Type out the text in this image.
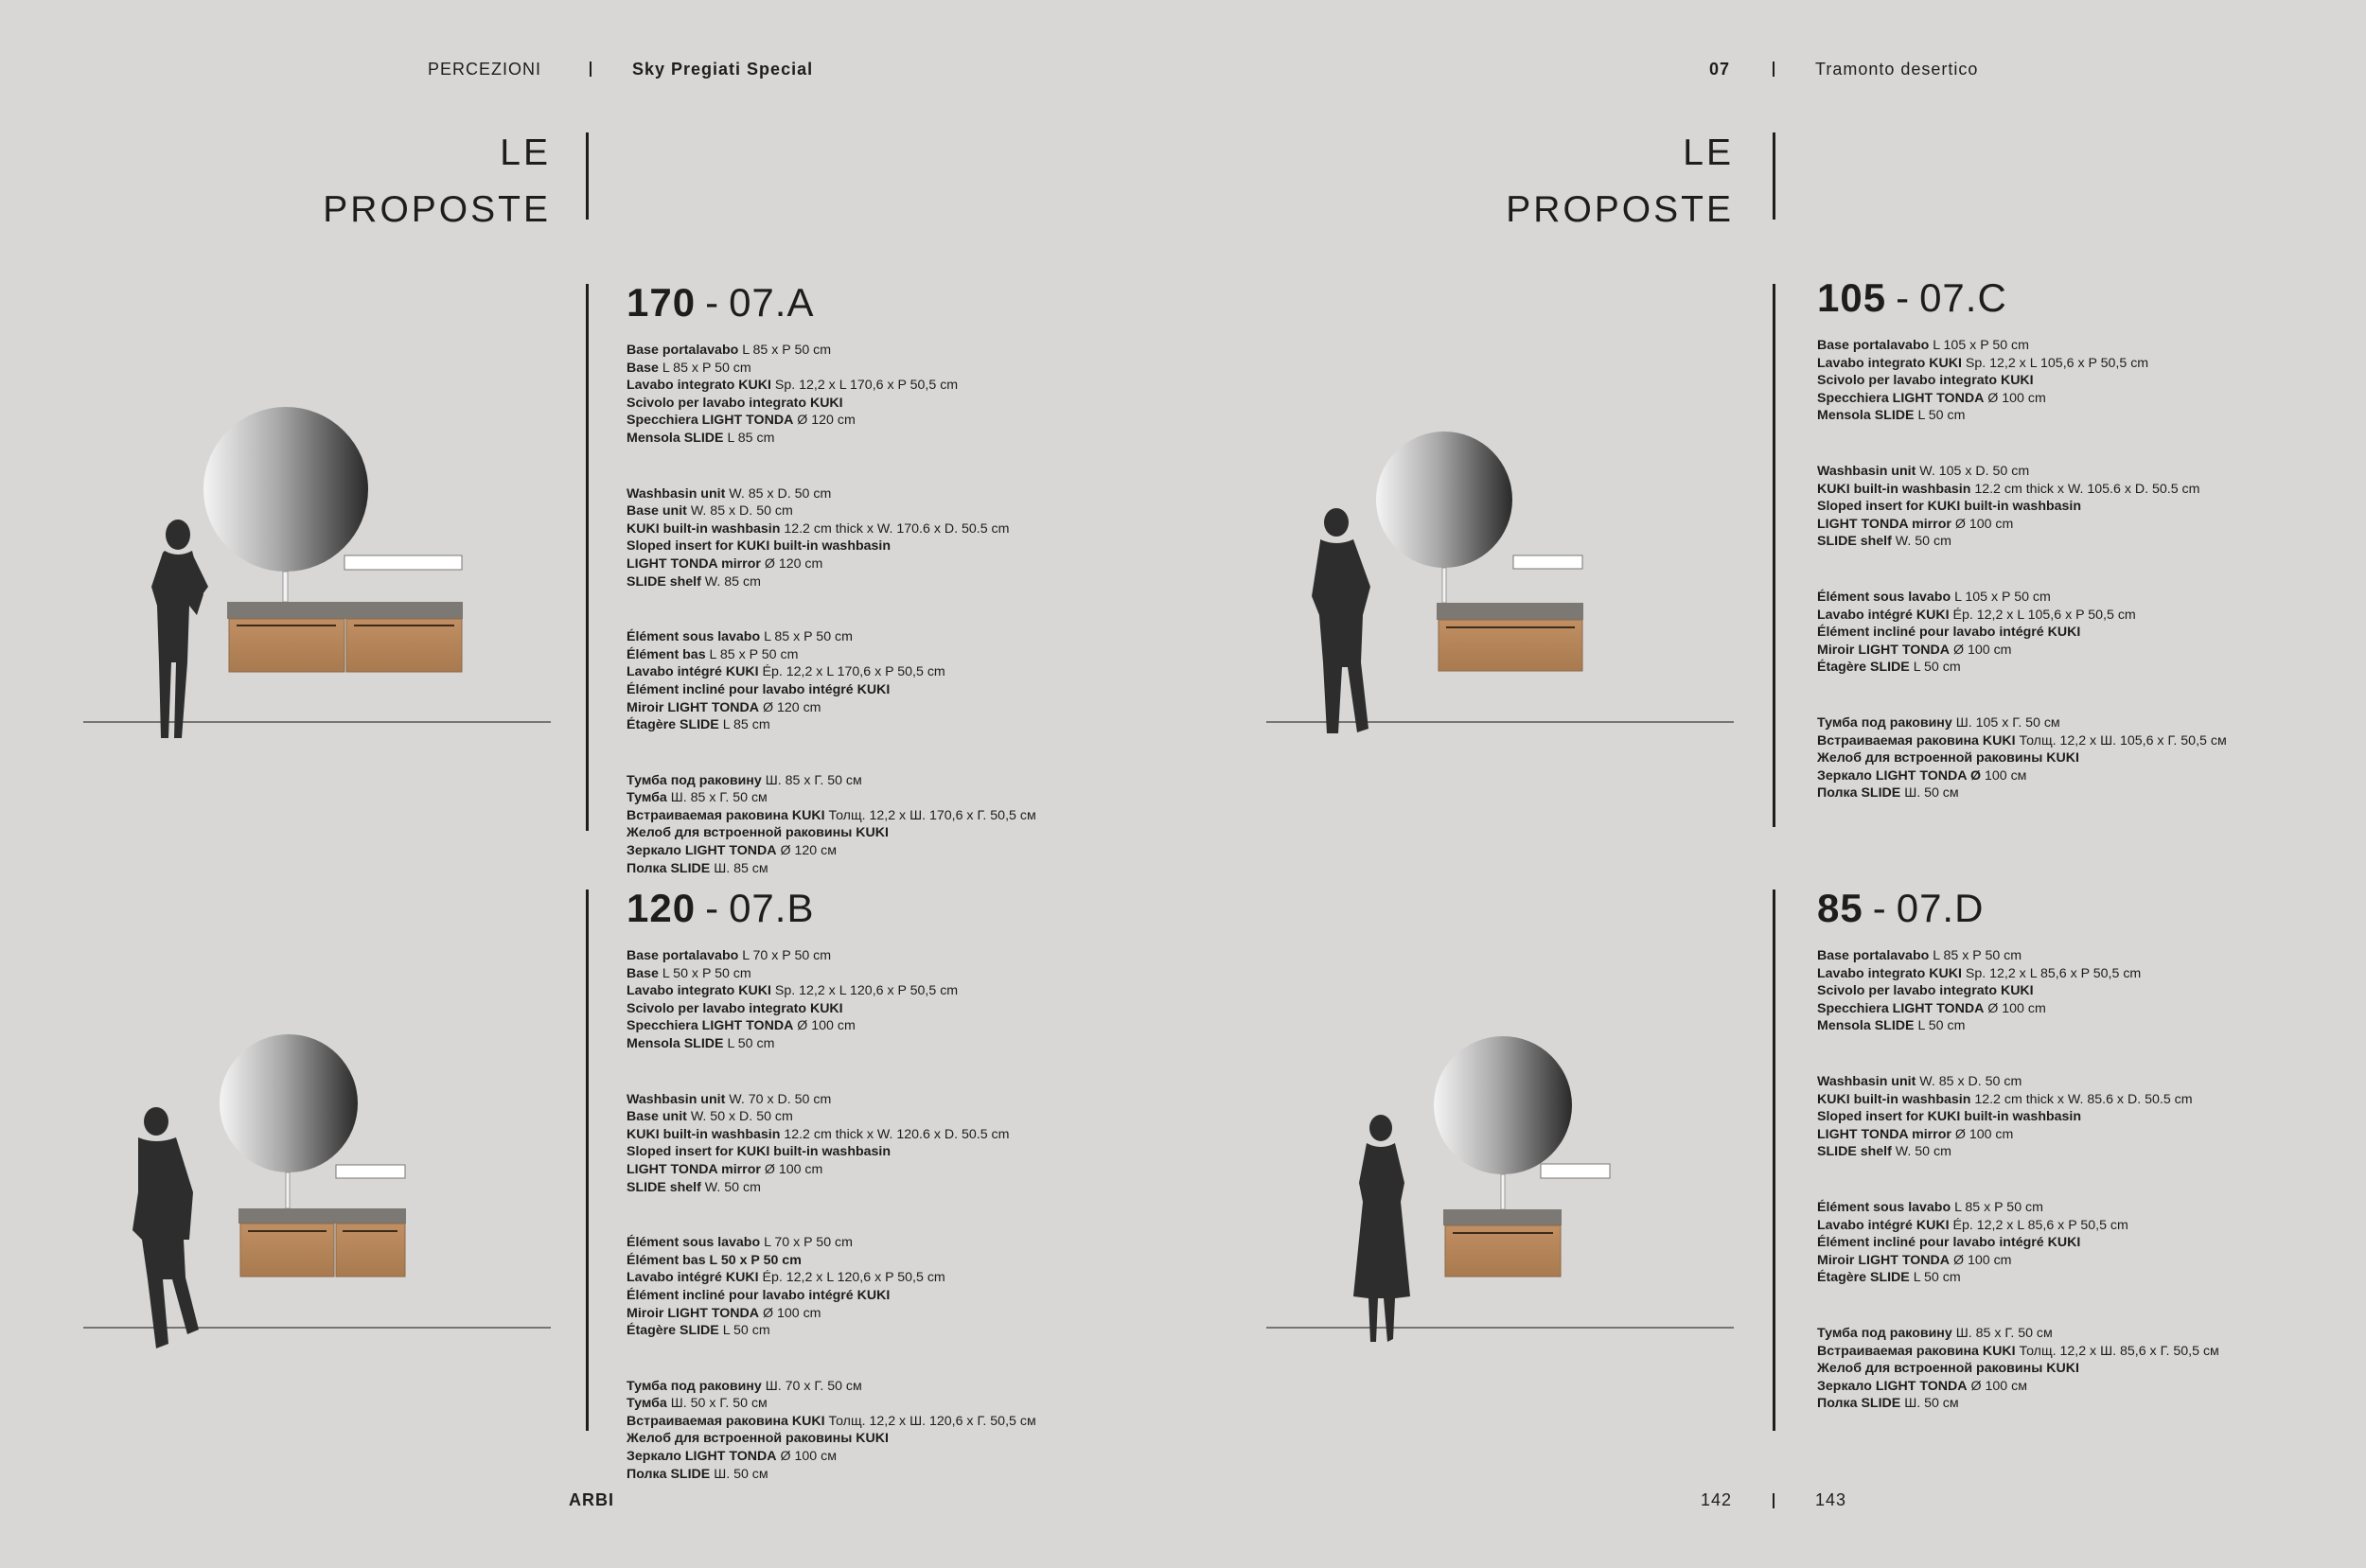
PERCEZIONI	Sky Pregiati Special	07	Tramonto desertico
LE
PROPOSTE
LE
PROPOSTE
170 - 07.A
Base portalavabo L 85 x P 50 cm
Base L 85 x P 50 cm
Lavabo integrato KUKI Sp. 12,2 x L 170,6 x P 50,5 cm
Scivolo per lavabo integrato KUKI
Specchiera LIGHT TONDA Ø 120 cm
Mensola SLIDE L 85 cm
Washbasin unit W. 85 x D. 50 cm
Base unit W. 85 x D. 50 cm
KUKI built-in washbasin 12.2 cm thick x W. 170.6 x D. 50.5 cm
Sloped insert for KUKI built-in washbasin
LIGHT TONDA mirror Ø 120 cm
SLIDE shelf W. 85 cm
Élément sous lavabo L 85 x P 50 cm
Élément bas L 85 x P 50 cm
Lavabo intégré KUKI Ép. 12,2 x L 170,6 x P 50,5 cm
Élément incliné pour lavabo intégré KUKI
Miroir LIGHT TONDA Ø 120 cm
Étagère SLIDE L 85 cm
Тумба под раковину Ш. 85 х Г. 50 см
Тумба Ш. 85 х Г. 50 см
Встраиваемая раковина KUKI Толщ. 12,2 х Ш. 170,6 х Г. 50,5 см
Желоб для встроенной раковины KUKI
Зеркало LIGHT TONDA Ø 120 см
Полка SLIDE Ш. 85 см
120 - 07.B
Base portalavabo L 70 x P 50 cm
Base L 50 x P 50 cm
Lavabo integrato KUKI Sp. 12,2 x L 120,6 x P 50,5 cm
Scivolo per lavabo integrato KUKI
Specchiera LIGHT TONDA Ø 100 cm
Mensola SLIDE L 50 cm
Washbasin unit W. 70 x D. 50 cm
Base unit W. 50 x D. 50 cm
KUKI built-in washbasin 12.2 cm thick x W. 120.6 x D. 50.5 cm
Sloped insert for KUKI built-in washbasin
LIGHT TONDA mirror Ø 100 cm
SLIDE shelf W. 50 cm
Élément sous lavabo L 70 x P 50 cm
Élément bas L 50 x P 50 cm
Lavabo intégré KUKI Ép. 12,2 x L 120,6 x P 50,5 cm
Élément incliné pour lavabo intégré KUKI
Miroir LIGHT TONDA Ø 100 cm
Étagère SLIDE L 50 cm
Тумба под раковину Ш. 70 х Г. 50 см
Тумба Ш. 50 х Г. 50 см
Встраиваемая раковина KUKI Толщ. 12,2 х Ш. 120,6 х Г. 50,5 см
Желоб для встроенной раковины KUKI
Зеркало LIGHT TONDA Ø 100 см
Полка SLIDE Ш. 50 см
105 - 07.C
Base portalavabo L 105 x P 50 cm
Lavabo integrato KUKI Sp. 12,2 x L 105,6 x P 50,5 cm
Scivolo per lavabo integrato KUKI
Specchiera LIGHT TONDA Ø 100 cm
Mensola SLIDE L 50 cm
Washbasin unit W. 105 x D. 50 cm
KUKI built-in washbasin 12.2 cm thick x W. 105.6 x D. 50.5 cm
Sloped insert for KUKI built-in washbasin
LIGHT TONDA mirror Ø 100 cm
SLIDE shelf W. 50 cm
Élément sous lavabo L 105 x P 50 cm
Lavabo intégré KUKI Ép. 12,2 x L 105,6 x P 50,5 cm
Élément incliné pour lavabo intégré KUKI
Miroir LIGHT TONDA Ø 100 cm
Étagère SLIDE L 50 cm
Тумба под раковину Ш. 105 х Г. 50 см
Встраиваемая раковина KUKI Толщ. 12,2 х Ш. 105,6 х Г. 50,5 см
Желоб для встроенной раковины KUKI
Зеркало LIGHT TONDA Ø 100 см
Полка SLIDE Ш. 50 см
85 - 07.D
Base portalavabo L 85 x P 50 cm
Lavabo integrato KUKI Sp. 12,2 x L 85,6 x P 50,5 cm
Scivolo per lavabo integrato KUKI
Specchiera LIGHT TONDA Ø 100 cm
Mensola SLIDE L 50 cm
Washbasin unit W. 85 x D. 50 cm
KUKI built-in washbasin 12.2 cm thick x W. 85.6 x D. 50.5 cm
Sloped insert for KUKI built-in washbasin
LIGHT TONDA mirror Ø 100 cm
SLIDE shelf W. 50 cm
Élément sous lavabo L 85 x P 50 cm
Lavabo intégré KUKI Ép. 12,2 x L 85,6 x P 50,5 cm
Élément incliné pour lavabo intégré KUKI
Miroir LIGHT TONDA Ø 100 cm
Étagère SLIDE L 50 cm
Тумба под раковину Ш. 85 х Г. 50 см
Встраиваемая раковина KUKI Толщ. 12,2 х Ш. 85,6 х Г. 50,5 см
Желоб для встроенной раковины KUKI
Зеркало LIGHT TONDA Ø 100 см
Полка SLIDE Ш. 50 см
ARBI	142	143
